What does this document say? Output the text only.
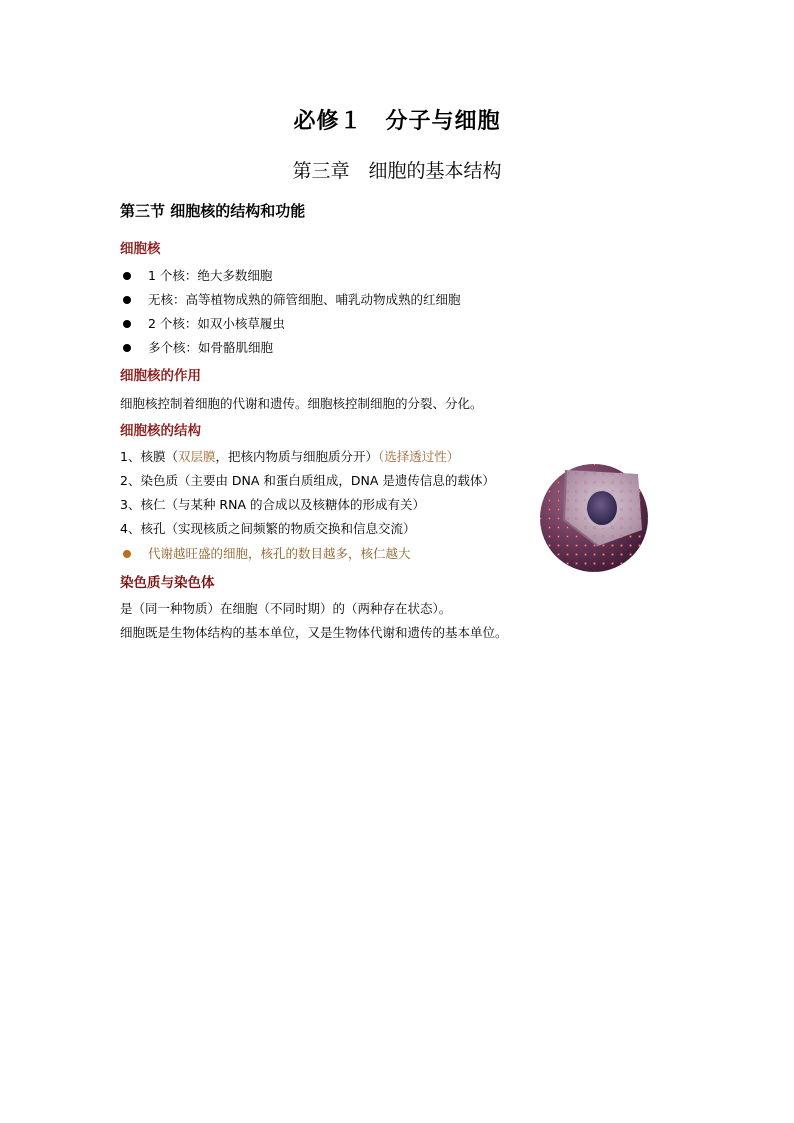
必修１　分子与细胞
第三章　细胞的基本结构
第三节 细胞核的结构和功能
细胞核
1 个核：绝大多数细胞
无核：高等植物成熟的筛管细胞、哺乳动物成熟的红细胞
2 个核：如双小核草履虫
多个核：如骨骼肌细胞
细胞核的作用
细胞核控制着细胞的代谢和遗传。细胞核控制细胞的分裂、分化。
细胞核的结构
1、核膜（双层膜，把核内物质与细胞质分开）（选择透过性）
2、染色质（主要由 DNA 和蛋白质组成，DNA 是遗传信息的载体）
3、核仁（与某种 RNA 的合成以及核糖体的形成有关）
4、核孔（实现核质之间频繁的物质交换和信息交流）
代谢越旺盛的细胞，核孔的数目越多，核仁越大
染色质与染色体
是（同一种物质）在细胞（不同时期）的（两种存在状态）。
细胞既是生物体结构的基本单位，又是生物体代谢和遗传的基本单位。
